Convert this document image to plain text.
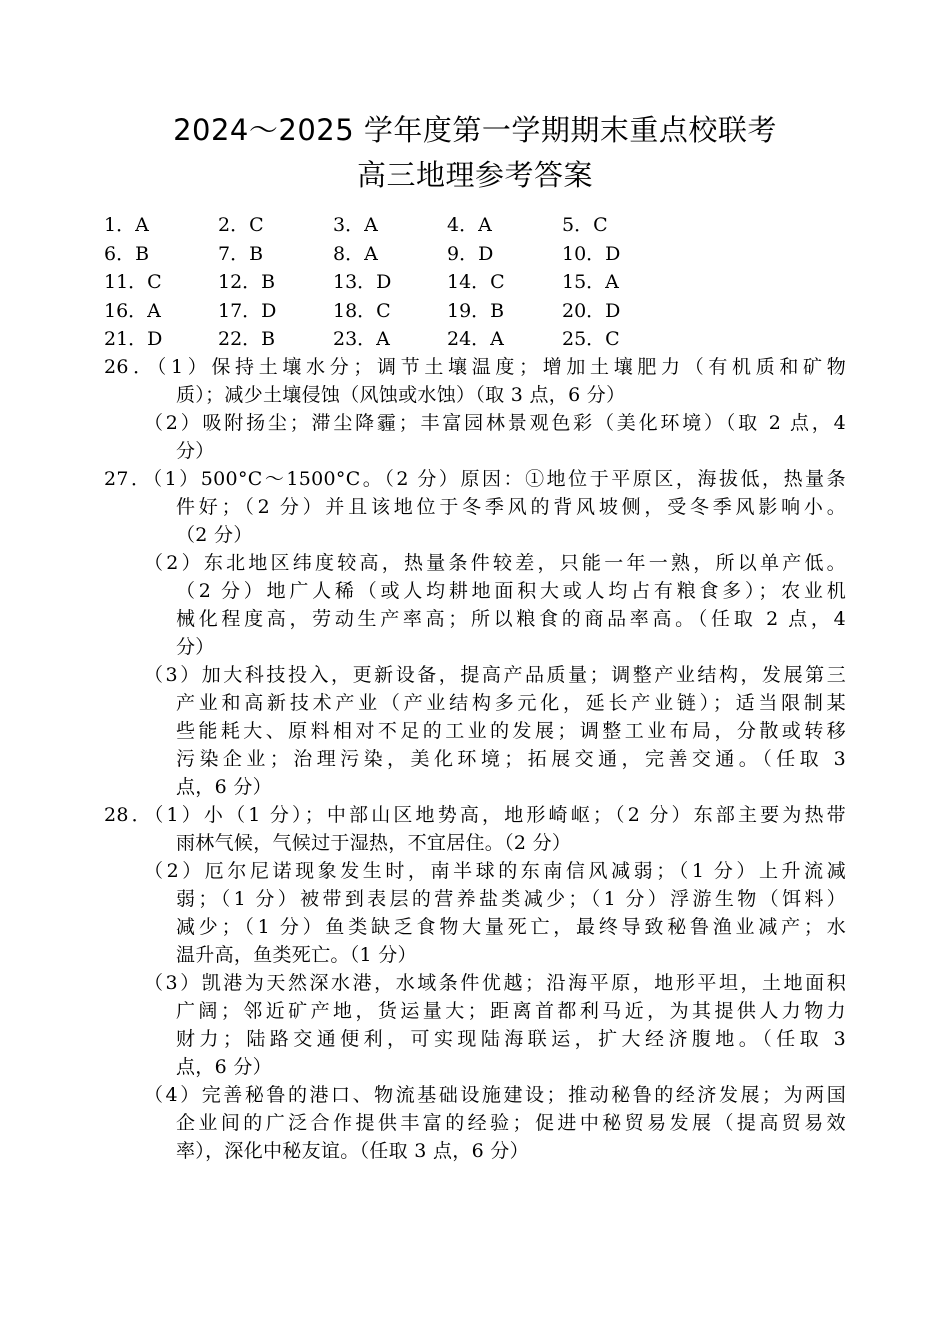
2024～2025 学年度第一学期期末重点校联考
高三地理参考答案
1．A	2．C	3．A	4．A	5．C
6．B	7．B	8．A	9．D	10．D
11．C	12．B	13．D	14．C	15．A
16．A	17．D	18．C	19．B	20．D
21．D	22．B	23．A	24．A	25．C
26．（1）保持土壤水分；调节土壤温度；增加土壤肥力（有机质和矿物
质）；减少土壤侵蚀（风蚀或水蚀）（取 3 点，6 分）
（2）吸附扬尘；滞尘降霾；丰富园林景观色彩（美化环境）（取 2 点，4
分）
27．（1）500°C～1500°C。（2 分）原因：①地位于平原区，海拔低，热量条
件好；（2 分）并且该地位于冬季风的背风坡侧，受冬季风影响小。
（2 分）
（2）东北地区纬度较高，热量条件较差，只能一年一熟，所以单产低。
（2 分）地广人稀（或人均耕地面积大或人均占有粮食多）；农业机
械化程度高，劳动生产率高；所以粮食的商品率高。（任取 2 点，4
分）
（3）加大科技投入，更新设备，提高产品质量；调整产业结构，发展第三
产业和高新技术产业（产业结构多元化，延长产业链）；适当限制某
些能耗大、原料相对不足的工业的发展；调整工业布局，分散或转移
污染企业；治理污染，美化环境；拓展交通，完善交通。（任取 3
点，6 分）
28．（1）小（1 分）；中部山区地势高，地形崎岖；（2 分）东部主要为热带
雨林气候，气候过于湿热，不宜居住。（2 分）
（2）厄尔尼诺现象发生时，南半球的东南信风减弱；（1 分）上升流减
弱；（1 分）被带到表层的营养盐类减少；（1 分）浮游生物（饵料）
减少；（1 分）鱼类缺乏食物大量死亡，最终导致秘鲁渔业减产；水
温升高，鱼类死亡。（1 分）
（3）凯港为天然深水港，水域条件优越；沿海平原，地形平坦，土地面积
广阔；邻近矿产地，货运量大；距离首都利马近，为其提供人力物力
财力；陆路交通便利，可实现陆海联运，扩大经济腹地。（任取 3
点，6 分）
（4）完善秘鲁的港口、物流基础设施建设；推动秘鲁的经济发展；为两国
企业间的广泛合作提供丰富的经验；促进中秘贸易发展（提高贸易效
率），深化中秘友谊。（任取 3 点，6 分）
